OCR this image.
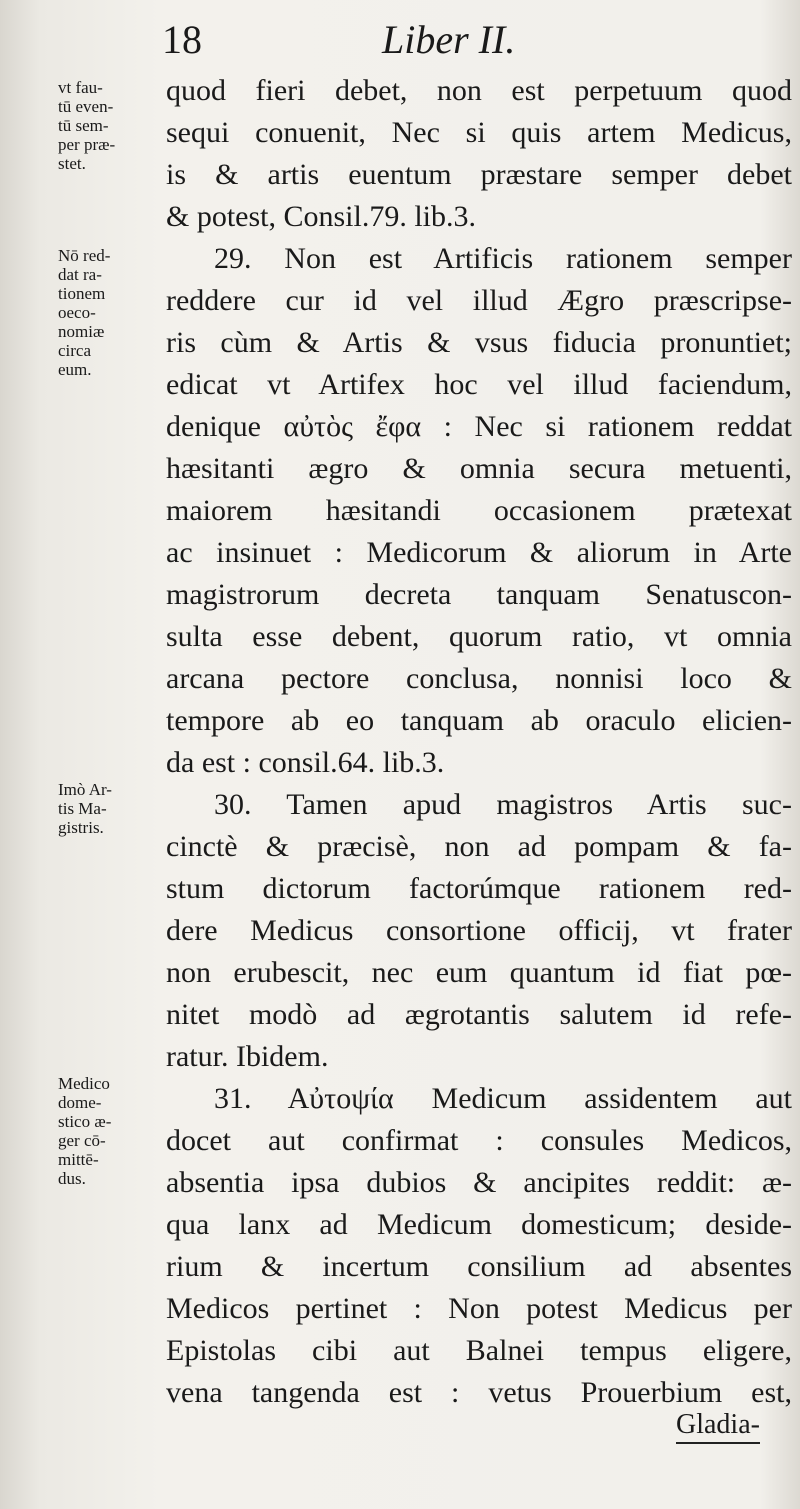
18	Liber II.
vt fau-
tū even-
tū sem-
per præ-
stet.
Nō red-
dat ra-
tionem
oeco-
nomiæ
circa
eum.
Imò Ar-
tis Ma-
gistris.
Medico
dome-
stico æ-
ger cō-
mittē-
dus.
quod fieri debet, non est perpetuum quod
sequi conuenit, Nec si quis artem Medicus,
is & artis euentum præstare semper debet
& potest, Consil.79. lib.3.
29. Non est Artificis rationem semper
reddere cur id vel illud Ægro præscripse-
ris cùm & Artis & vsus fiducia pronuntiet;
edicat vt Artifex hoc vel illud faciendum,
denique αὐτὸς ἔφα : Nec si rationem reddat
hæsitanti ægro & omnia secura metuenti,
maiorem hæsitandi occasionem prætexat
ac insinuet : Medicorum & aliorum in Arte
magistrorum decreta tanquam Senatuscon-
sulta esse debent, quorum ratio, vt omnia
arcana pectore conclusa, nonnisi loco &
tempore ab eo tanquam ab oraculo elicien-
da est : consil.64. lib.3.
30. Tamen apud magistros Artis suc-
cinctè & præcisè, non ad pompam & fa-
stum dictorum factorúmque rationem red-
dere Medicus consortione officij, vt frater
non erubescit, nec eum quantum id fiat pœ-
nitet modò ad ægrotantis salutem id refe-
ratur. Ibidem.
31. Αὐτοψία Medicum assidentem aut
docet aut confirmat : consules Medicos,
absentia ipsa dubios & ancipites reddit: æ-
qua lanx ad Medicum domesticum; deside-
rium & incertum consilium ad absentes
Medicos pertinet : Non potest Medicus per
Epistolas cibi aut Balnei tempus eligere,
vena tangenda est : vetus Prouerbium est,
Gladia-
